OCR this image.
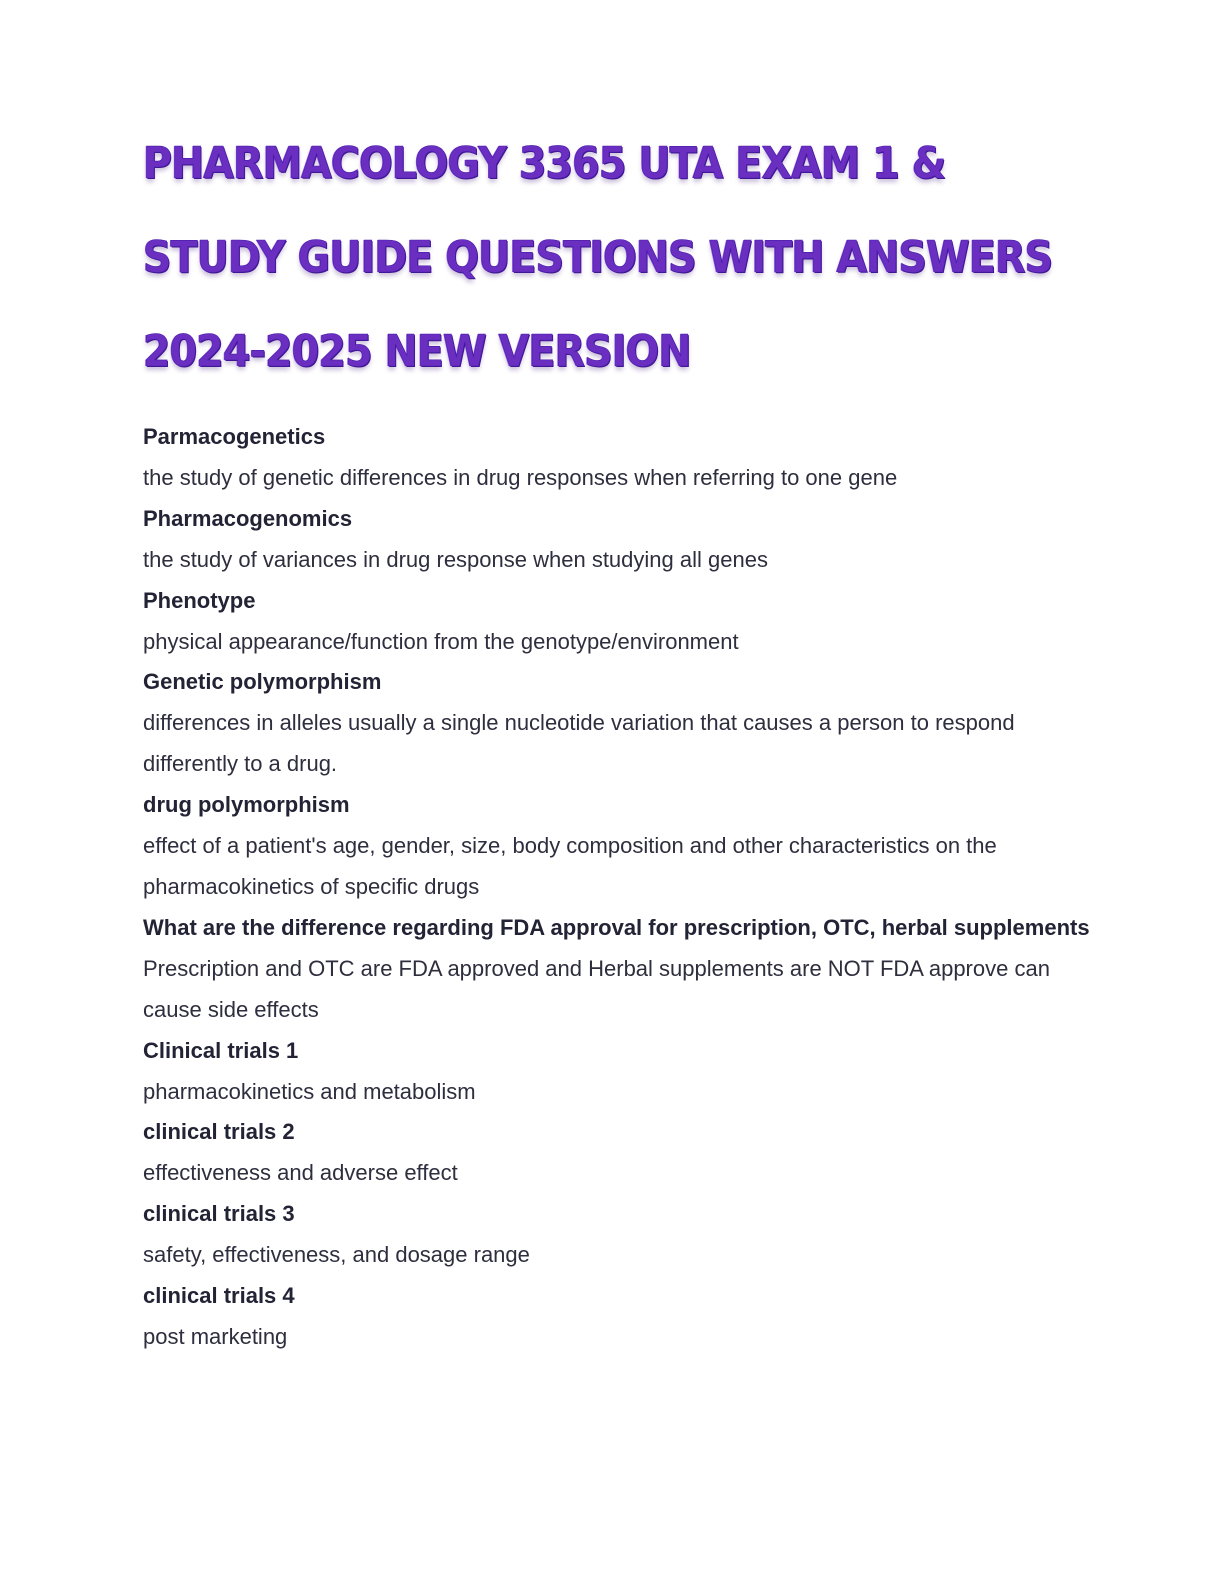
PHARMACOLOGY 3365 UTA EXAM 1 &
STUDY GUIDE QUESTIONS WITH ANSWERS
2024-2025 NEW VERSION
Parmacogenetics
the study of genetic differences in drug responses when referring to one gene
Pharmacogenomics
the study of variances in drug response when studying all genes
Phenotype
physical appearance/function from the genotype/environment
Genetic polymorphism
differences in alleles usually a single nucleotide variation that causes a person to respond differently to a drug.
drug polymorphism
effect of a patient's age, gender, size, body composition and other characteristics on the pharmacokinetics of specific drugs
What are the difference regarding FDA approval for prescription, OTC, herbal supplements
Prescription and OTC are FDA approved and Herbal supplements are NOT FDA approve can cause side effects
Clinical trials 1
pharmacokinetics and metabolism
clinical trials 2
effectiveness and adverse effect
clinical trials 3
safety, effectiveness, and dosage range
clinical trials 4
post marketing
